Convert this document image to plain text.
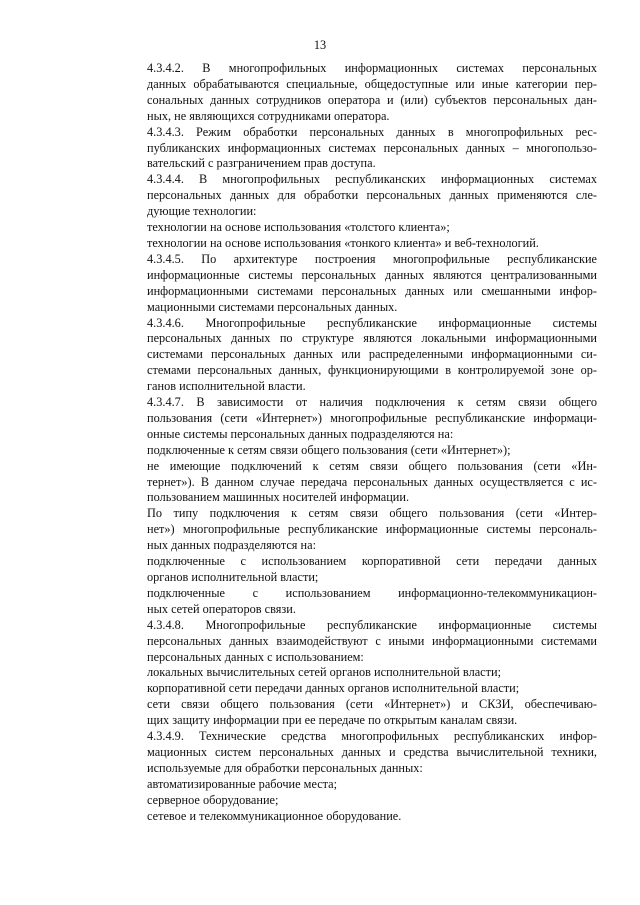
13
4.3.4.2. В многопрофильных информационных системах персональных
данных обрабатываются специальные, общедоступные или иные категории пер-
сональных данных сотрудников оператора и (или) субъектов персональных дан-
ных, не являющихся сотрудниками оператора.
4.3.4.3. Режим обработки персональных данных в многопрофильных рес-
публиканских информационных системах персональных данных – многопользо-
вательский с разграничением прав доступа.
4.3.4.4. В многопрофильных республиканских информационных системах
персональных данных для обработки персональных данных применяются сле-
дующие технологии:
технологии на основе использования «толстого клиента»;
технологии на основе использования «тонкого клиента» и веб-технологий.
4.3.4.5. По архитектуре построения многопрофильные республиканские
информационные системы персональных данных являются централизованными
информационными системами персональных данных или смешанными инфор-
мационными системами персональных данных.
4.3.4.6. Многопрофильные республиканские информационные системы
персональных данных по структуре являются локальными информационными
системами персональных данных или распределенными информационными си-
стемами персональных данных, функционирующими в контролируемой зоне ор-
ганов исполнительной власти.
4.3.4.7. В зависимости от наличия подключения к сетям связи общего
пользования (сети «Интернет») многопрофильные республиканские информаци-
онные системы персональных данных подразделяются на:
подключенные к сетям связи общего пользования (сети «Интернет»);
не имеющие подключений к сетям связи общего пользования (сети «Ин-
тернет»). В данном случае передача персональных данных осуществляется с ис-
пользованием машинных носителей информации.
По типу подключения к сетям связи общего пользования (сети «Интер-
нет») многопрофильные республиканские информационные системы персональ-
ных данных подразделяются на:
подключенные с использованием корпоративной сети передачи данных
органов исполнительной власти;
подключенные с использованием информационно-телекоммуникацион-
ных сетей операторов связи.
4.3.4.8. Многопрофильные республиканские информационные системы
персональных данных взаимодействуют с иными информационными системами
персональных данных с использованием:
локальных вычислительных сетей органов исполнительной власти;
корпоративной сети передачи данных органов исполнительной власти;
сети связи общего пользования (сети «Интернет») и СКЗИ, обеспечиваю-
щих защиту информации при ее передаче по открытым каналам связи.
4.3.4.9. Технические средства многопрофильных республиканских инфор-
мационных систем персональных данных и средства вычислительной техники,
используемые для обработки персональных данных:
автоматизированные рабочие места;
серверное оборудование;
сетевое и телекоммуникационное оборудование.
